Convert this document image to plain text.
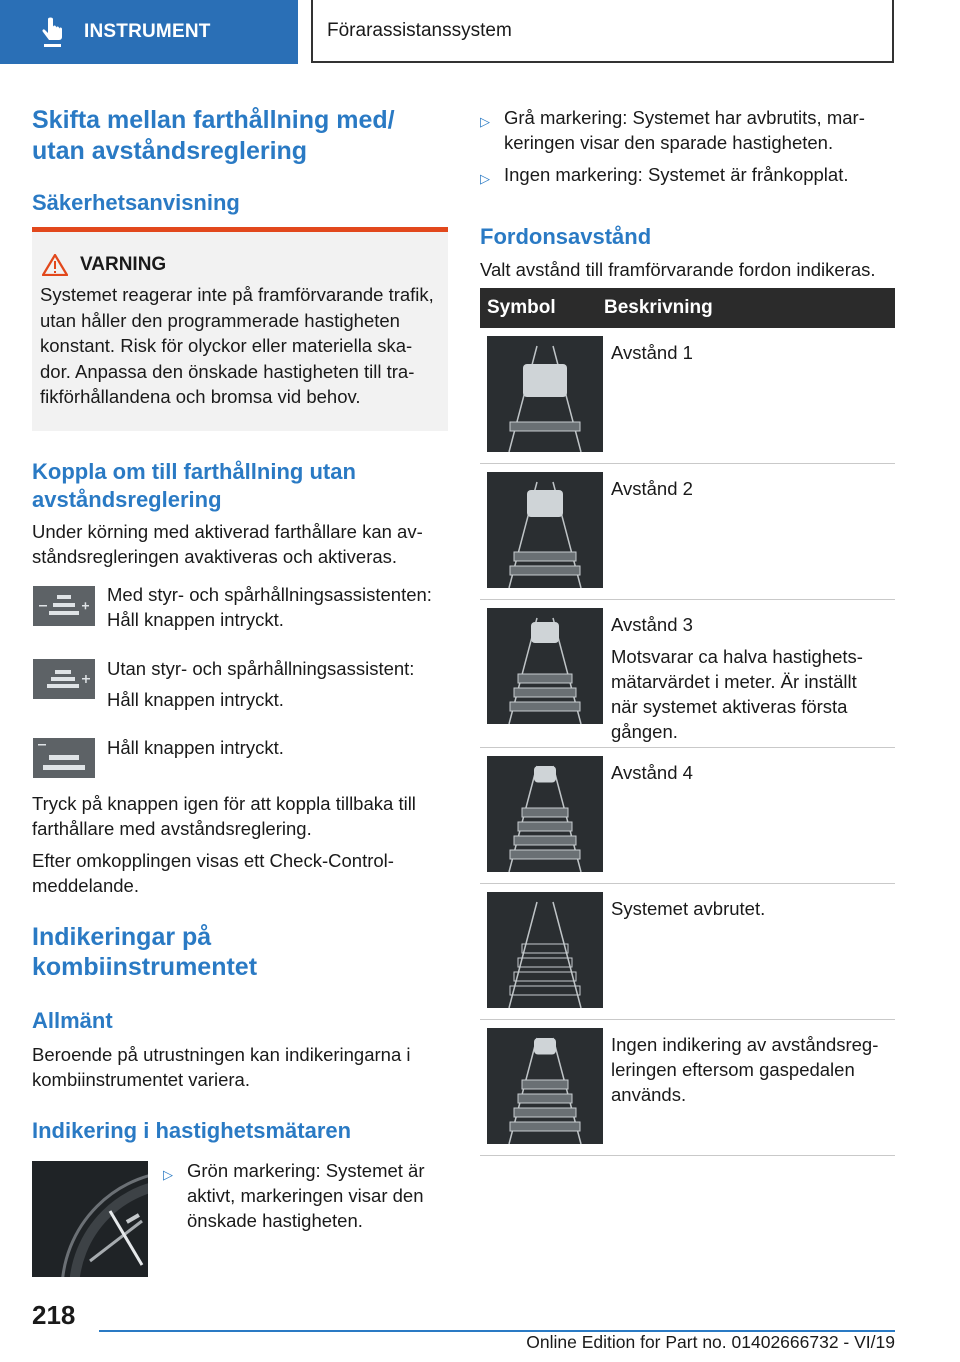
INSTRUMENT	Förarassistanssystem
Skifta mellan farthållning med/ utan avståndsreglering
Säkerhetsanvisning
VARNING
Systemet reagerar inte på framförvarande trafik, utan håller den programmerade hastigheten konstant. Risk för olyckor eller materiella ska-dor. Anpassa den önskade hastigheten till tra-fikförhållandena och bromsa vid behov.
Koppla om till farthållning utan avståndsreglering
Under körning med aktiverad farthållare kan av-ståndsregleringen avaktiveras och aktiveras.
Med styr- och spårhållningsassistenten: Håll knappen intryckt.
Utan styr- och spårhållningsassistent:
Håll knappen intryckt.
Håll knappen intryckt.
Tryck på knappen igen för att koppla tillbaka till farthållare med avståndsreglering.
Efter omkopplingen visas ett Check-Control-meddelande.
Indikeringar på kombiinstrumentet
Allmänt
Beroende på utrustningen kan indikeringarna i kombiinstrumentet variera.
Indikering i hastighetsmätaren
▷ Grön markering: Systemet är aktivt, markeringen visar den önskade hastigheten.
▷ Grå markering: Systemet har avbrutits, mar-keringen visar den sparade hastigheten.
▷ Ingen markering: Systemet är frånkopplat.
Fordonsavstånd
Valt avstånd till framförvarande fordon indikeras.
Symbol	Beskrivning

Avstånd 1

Avstånd 2

Avstånd 3

Motsvarar ca halva hastighets-mätarvärdet i meter. Är inställt när systemet aktiveras första gången.

Avstånd 4

Systemet avbrutet.

Ingen indikering av avståndsreg-leringen eftersom gaspedalen används.

218
Online Edition for Part no. 01402666732 - VI/19
